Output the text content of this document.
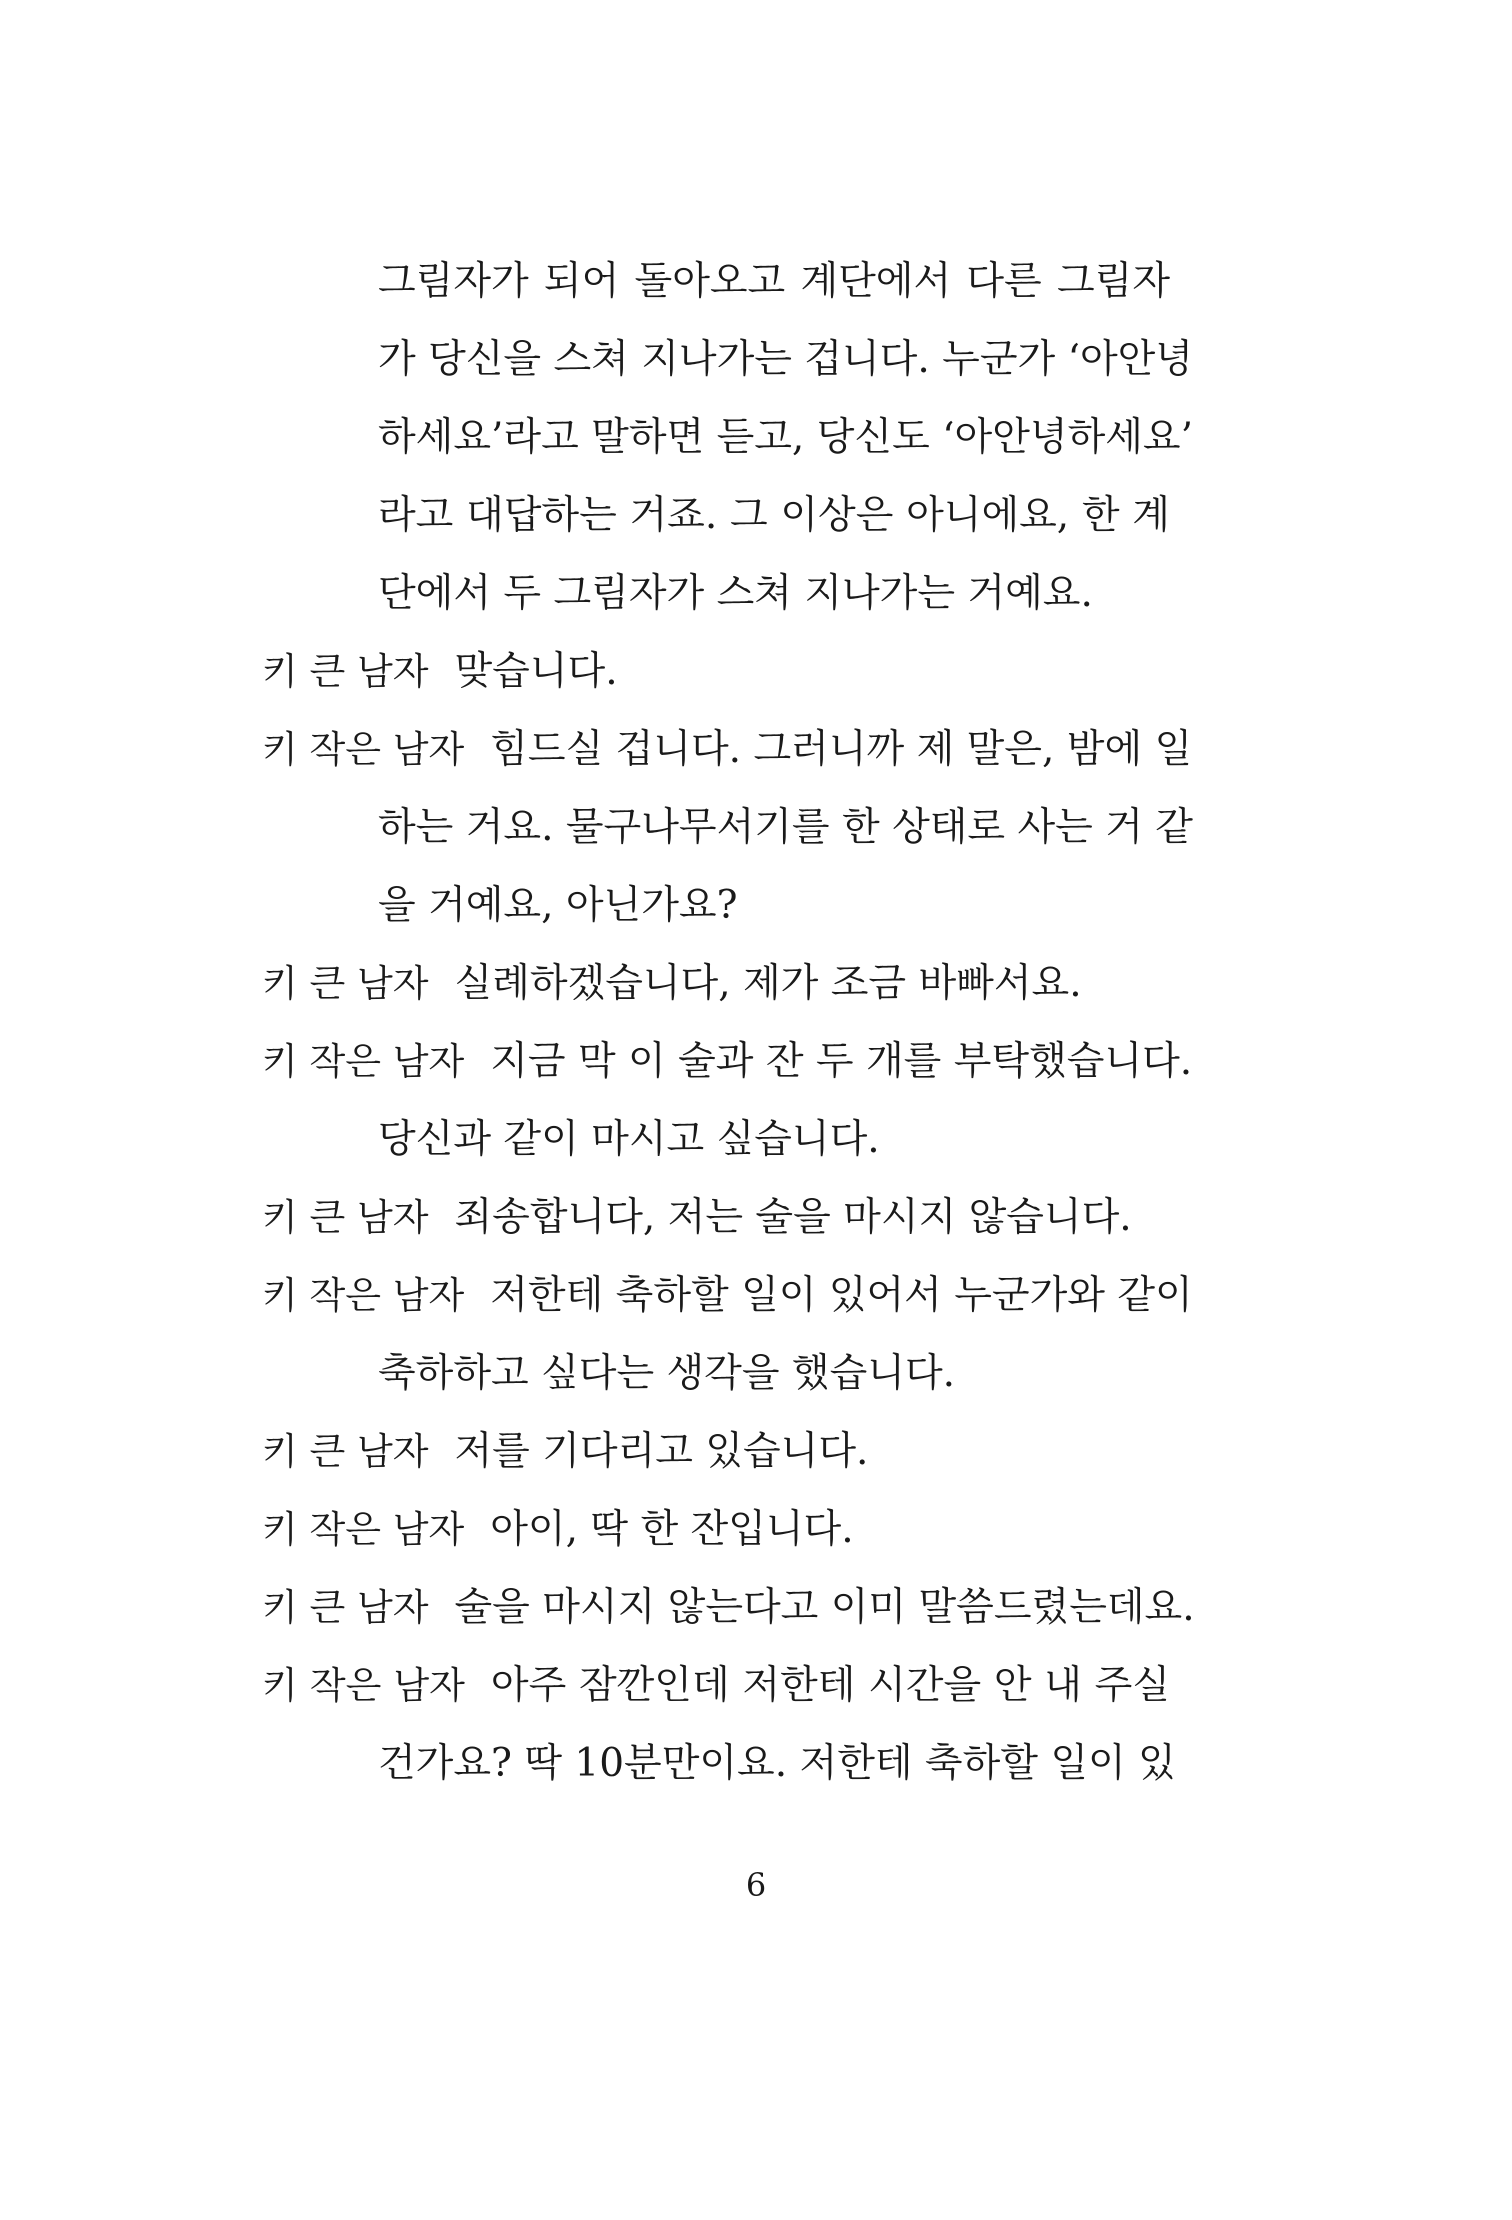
그림자가 되어 돌아오고 계단에서 다른 그림자
가 당신을 스쳐 지나가는 겁니다. 누군가 ‘아안녕
하세요’라고 말하면 듣고, 당신도 ‘아안녕하세요’
라고 대답하는 거죠. 그 이상은 아니에요, 한 계
단에서 두 그림자가 스쳐 지나가는 거예요.
키 큰 남자 맞습니다.
키 작은 남자 힘드실 겁니다. 그러니까 제 말은, 밤에 일
하는 거요. 물구나무서기를 한 상태로 사는 거 같
을 거예요, 아닌가요?
키 큰 남자 실례하겠습니다, 제가 조금 바빠서요.
키 작은 남자 지금 막 이 술과 잔 두 개를 부탁했습니다.
당신과 같이 마시고 싶습니다.
키 큰 남자 죄송합니다, 저는 술을 마시지 않습니다.
키 작은 남자 저한테 축하할 일이 있어서 누군가와 같이
축하하고 싶다는 생각을 했습니다.
키 큰 남자 저를 기다리고 있습니다.
키 작은 남자 아이, 딱 한 잔입니다.
키 큰 남자 술을 마시지 않는다고 이미 말씀드렸는데요.
키 작은 남자 아주 잠깐인데 저한테 시간을 안 내 주실
건가요? 딱 10분만이요. 저한테 축하할 일이 있
6
